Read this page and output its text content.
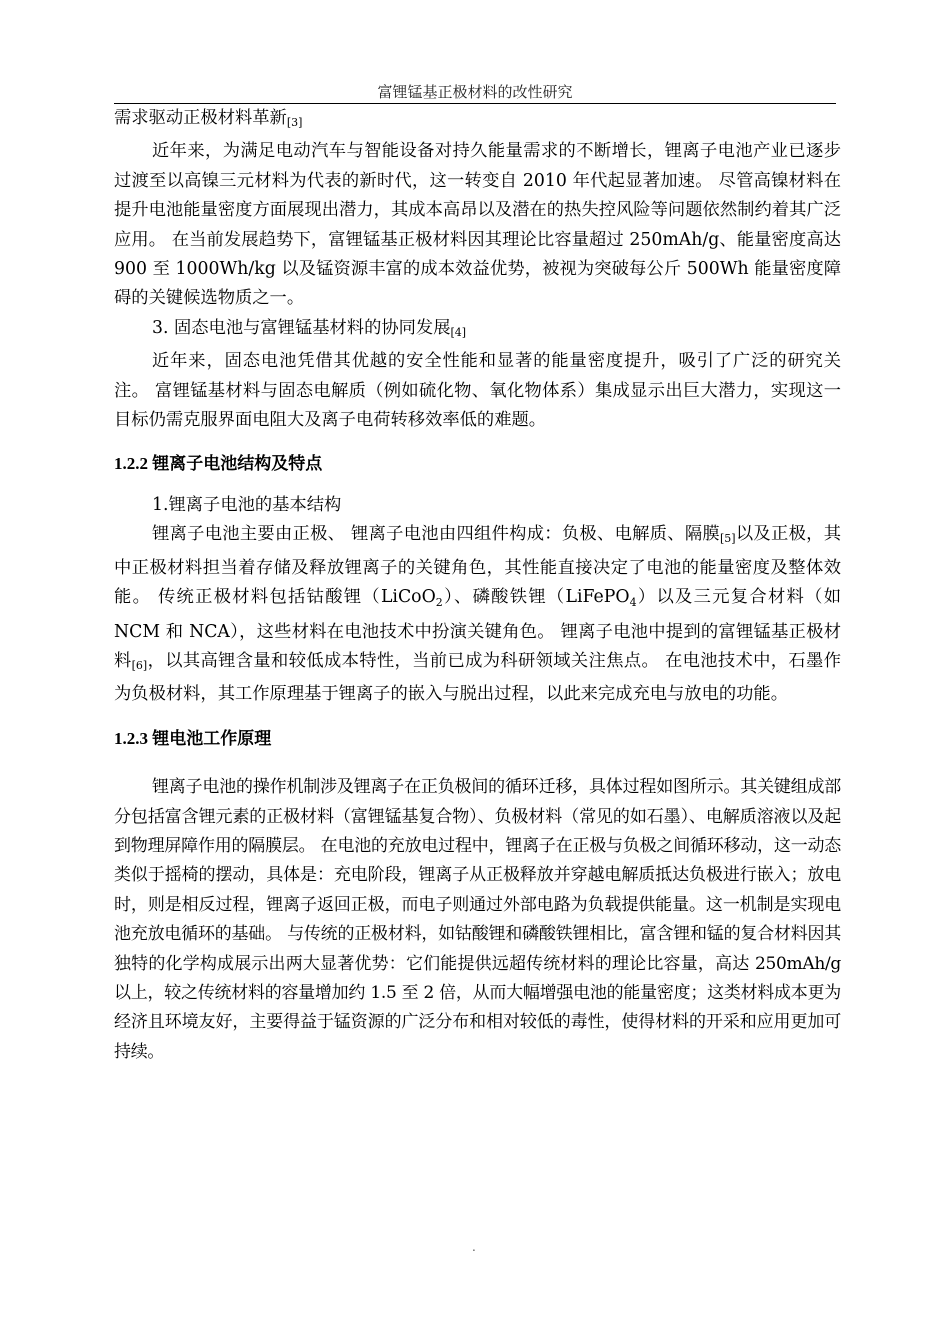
富锂锰基正极材料的改性研究

需求驱动正极材料革新[3]

近年来，为满足电动汽车与智能设备对持久能量需求的不断增长，锂离子电池产业已逐步过渡至以高镍三元材料为代表的新时代，这一转变自 2010 年代起显著加速。 尽管高镍材料在提升电池能量密度方面展现出潜力，其成本高昂以及潜在的热失控风险等问题依然制约着其广泛应用。 在当前发展趋势下，富锂锰基正极材料因其理论比容量超过 250mAh/g、能量密度高达 900 至 1000Wh/kg 以及锰资源丰富的成本效益优势，被视为突破每公斤 500Wh 能量密度障碍的关键候选物质之一。

3. 固态电池与富锂锰基材料的协同发展[4]

近年来，固态电池凭借其优越的安全性能和显著的能量密度提升，吸引了广泛的研究关注。 富锂锰基材料与固态电解质（例如硫化物、氧化物体系）集成显示出巨大潜力，实现这一目标仍需克服界面电阻大及离子电荷转移效率低的难题。

1.2.2 锂离子电池结构及特点

1.锂离子电池的基本结构

锂离子电池主要由正极、 锂离子电池由四组件构成：负极、电解质、隔膜[5]以及正极，其中正极材料担当着存储及释放锂离子的关键角色，其性能直接决定了电池的能量密度及整体效能。 传统正极材料包括钴酸锂（LiCoO$_2$）、磷酸铁锂（LiFePO$_4$）以及三元复合材料（如 NCM 和 NCA），这些材料在电池技术中扮演关键角色。 锂离子电池中提到的富锂锰基正极材料[6]，以其高锂含量和较低成本特性，当前已成为科研领域关注焦点。 在电池技术中，石墨作为负极材料，其工作原理基于锂离子的嵌入与脱出过程，以此来完成充电与放电的功能。

1.2.3 锂电池工作原理

锂离子电池的操作机制涉及锂离子在正负极间的循环迁移，具体过程如图所示。其关键组成部分包括富含锂元素的正极材料（富锂锰基复合物）、负极材料（常见的如石墨）、电解质溶液以及起到物理屏障作用的隔膜层。 在电池的充放电过程中，锂离子在正极与负极之间循环移动，这一动态类似于摇椅的摆动，具体是：充电阶段，锂离子从正极释放并穿越电解质抵达负极进行嵌入；放电时，则是相反过程，锂离子返回正极，而电子则通过外部电路为负载提供能量。这一机制是实现电池充放电循环的基础。 与传统的正极材料，如钴酸锂和磷酸铁锂相比，富含锂和锰的复合材料因其独特的化学构成展示出两大显著优势：它们能提供远超传统材料的理论比容量，高达 250mAh/g 以上，较之传统材料的容量增加约 1.5 至 2 倍，从而大幅增强电池的能量密度；这类材料成本更为经济且环境友好，主要得益于锰资源的广泛分布和相对较低的毒性，使得材料的开采和应用更加可持续。

.
